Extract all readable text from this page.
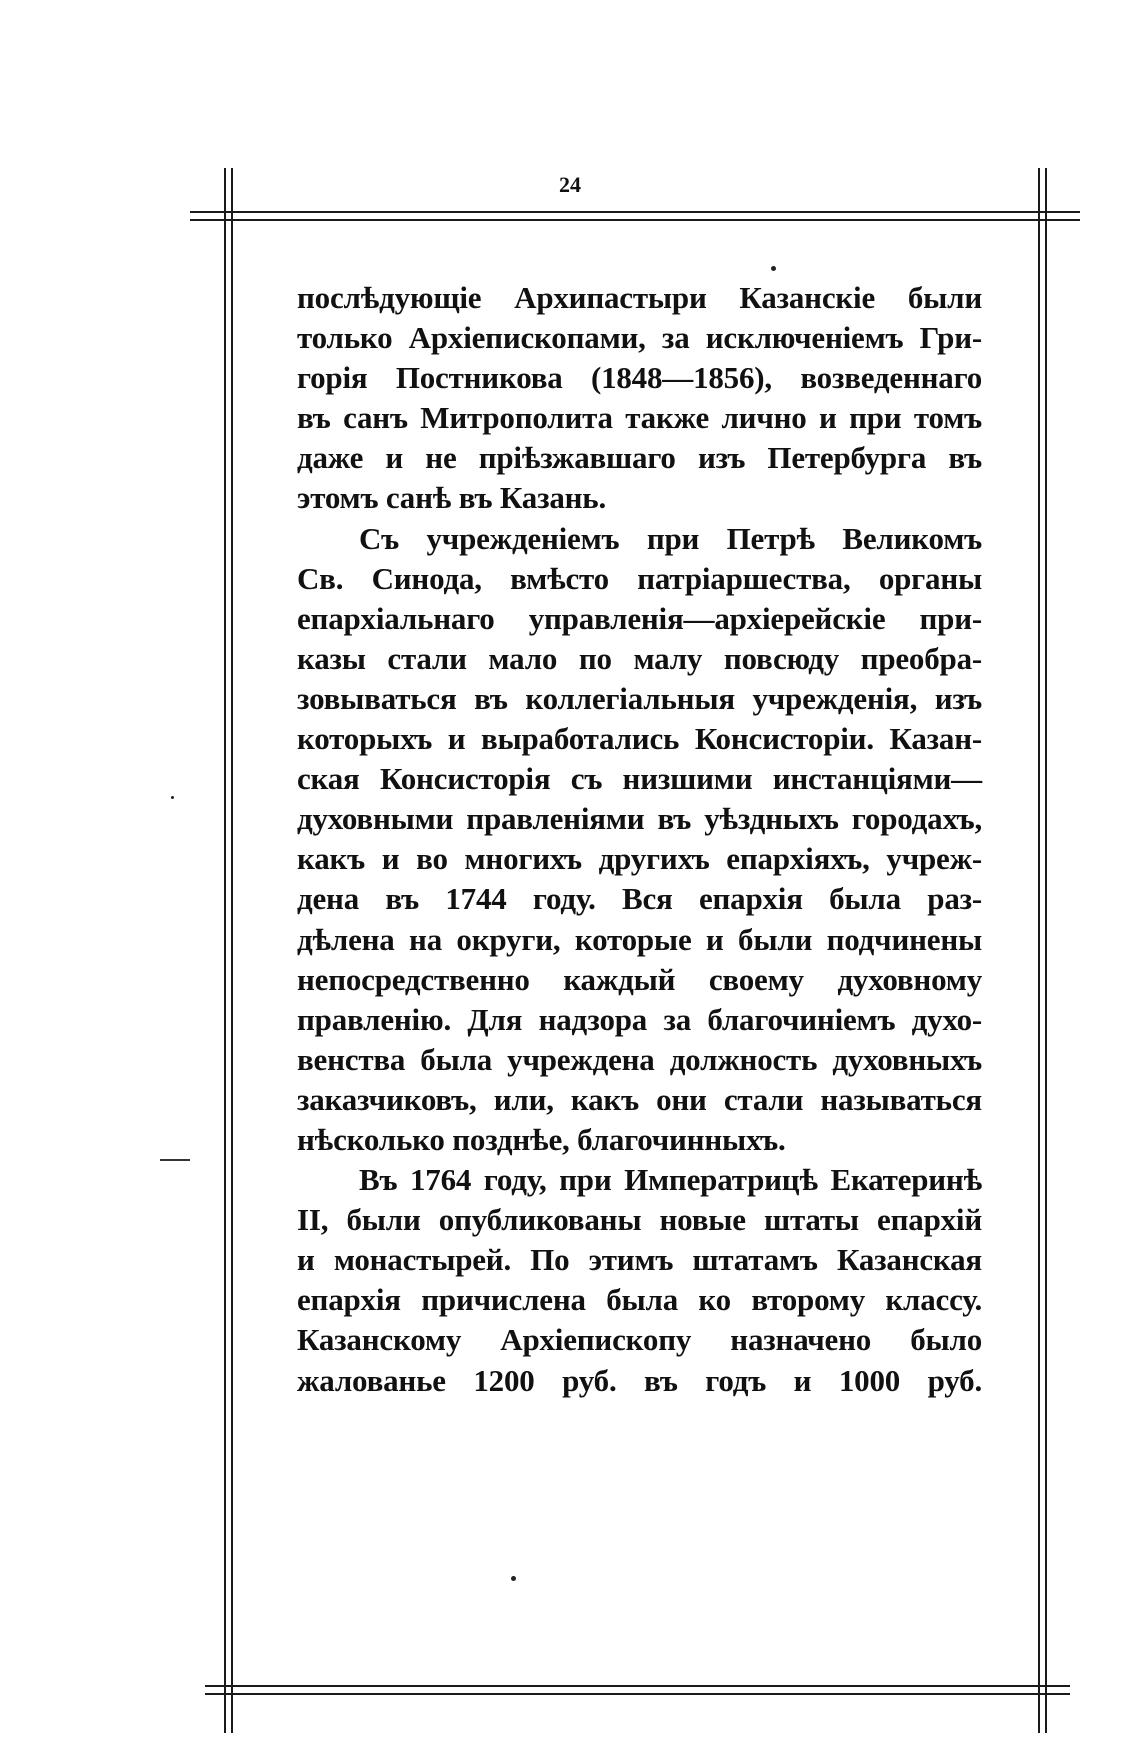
24
послѣдующіе Архипастыри Казанскіе были
только Архіепископами, за исключеніемъ Гри-
горія Постникова (1848—1856), возведеннаго
въ санъ Митрополита также лично и при томъ
даже и не пріѣзжавшаго изъ Петербурга въ
этомъ санѣ въ Казань.
Съ учрежденіемъ при Петрѣ Великомъ
Св. Синода, вмѣсто патріаршества, органы
епархіальнаго управленія—архіерейскіе при-
казы стали мало по малу повсюду преобра-
зовываться въ коллегіальныя учрежденія, изъ
которыхъ и выработались Консисторіи. Казан-
ская Консисторія съ низшими инстанціями—
духовными правленіями въ уѣздныхъ городахъ,
какъ и во многихъ другихъ епархіяхъ, учреж-
дена въ 1744 году. Вся епархія была раз-
дѣлена на округи, которые и были подчинены
непосредственно каждый своему духовному
правленію. Для надзора за благочиніемъ духо-
венства была учреждена должность духовныхъ
заказчиковъ, или, какъ они стали называться
нѣсколько позднѣе, благочинныхъ.
Въ 1764 году, при Императрицѣ Екатеринѣ
II, были опубликованы новые штаты епархій
и монастырей. По этимъ штатамъ Казанская
епархія причислена была ко второму классу.
Казанскому Архіепископу назначено было
жалованье 1200 руб. въ годъ и 1000 руб.
